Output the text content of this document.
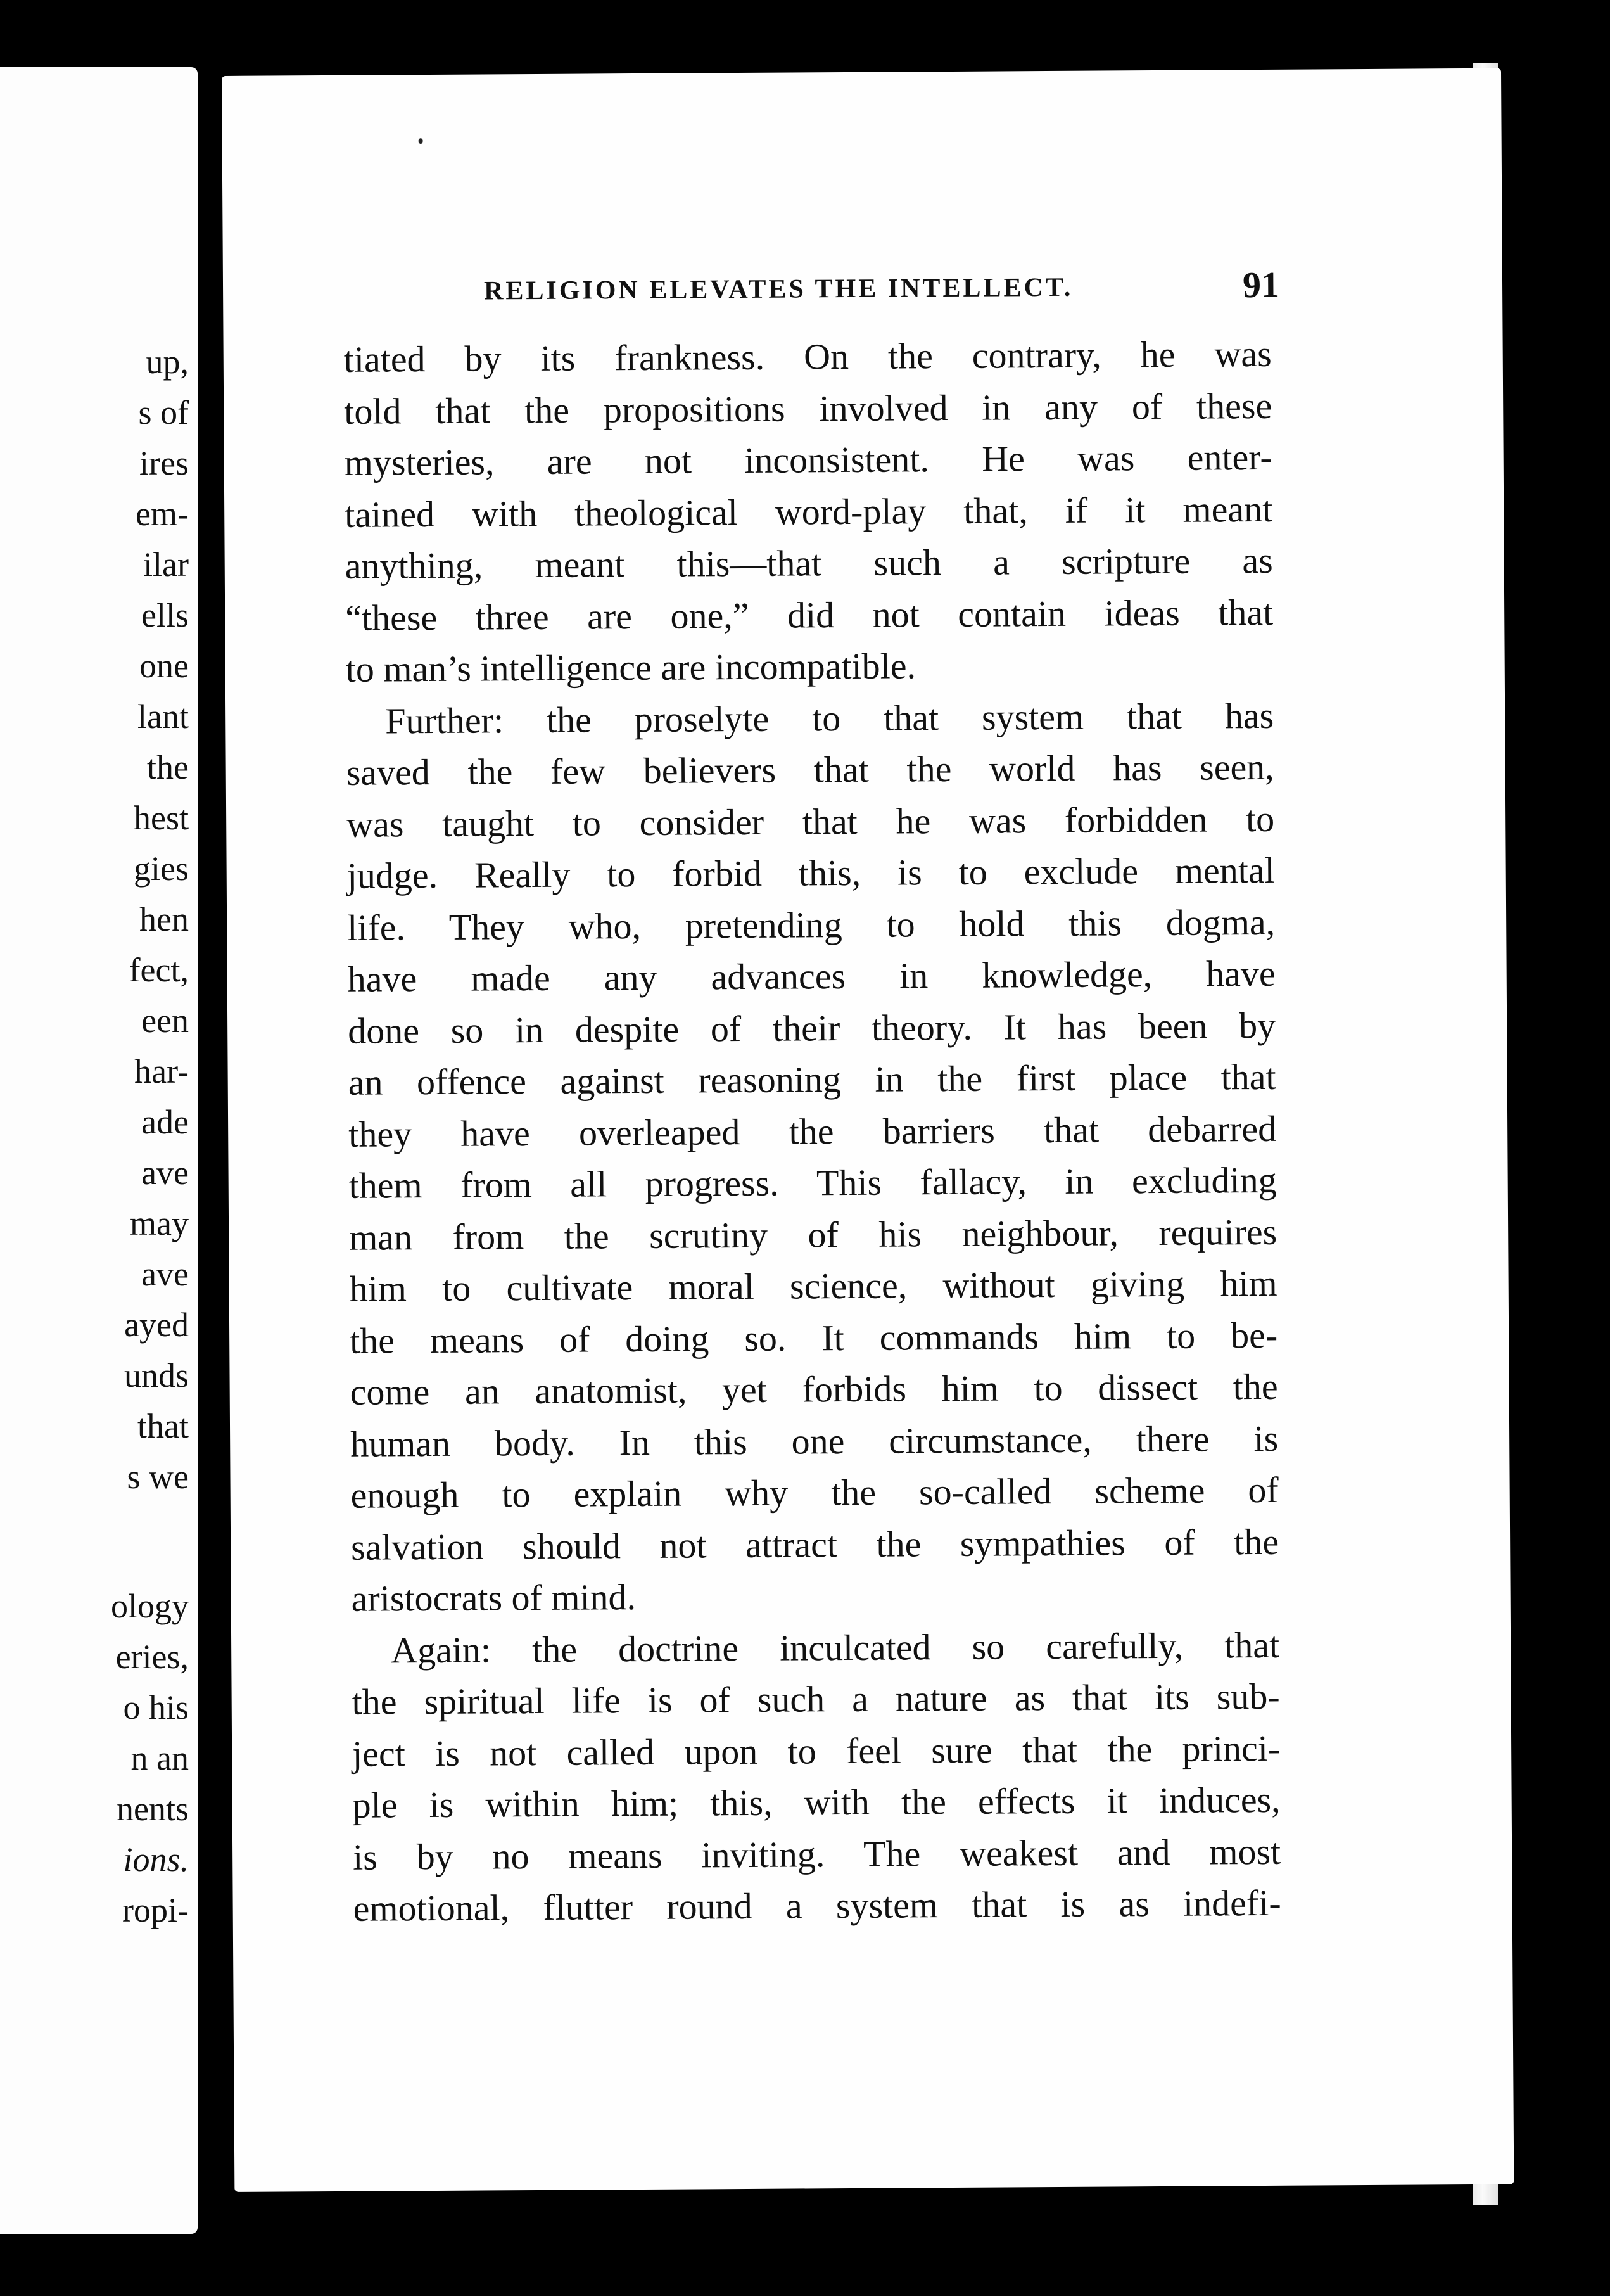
up,
s of
ires
em-
ilar
ells
one
lant
the
hest
gies
hen
fect,
een
har-
ade
ave
may
ave
ayed
unds
that
s we
ology
eries,
o his
n an
nents
ions.
ropi-
RELIGION ELEVATES THE INTELLECT.	91
tiated by its frankness. On the contrary, he was
told that the propositions involved in any of these
mysteries, are not inconsistent. He was enter-
tained with theological word-play that, if it meant
anything, meant this—that such a scripture as
“these three are one,” did not contain ideas that
to man’s intelligence are incompatible.
Further: the proselyte to that system that has
saved the few believers that the world has seen,
was taught to consider that he was forbidden to
judge. Really to forbid this, is to exclude mental
life. They who, pretending to hold this dogma,
have made any advances in knowledge, have
done so in despite of their theory. It has been by
an offence against reasoning in the first place that
they have overleaped the barriers that debarred
them from all progress. This fallacy, in excluding
man from the scrutiny of his neighbour, requires
him to cultivate moral science, without giving him
the means of doing so. It commands him to be-
come an anatomist, yet forbids him to dissect the
human body. In this one circumstance, there is
enough to explain why the so-called scheme of
salvation should not attract the sympathies of the
aristocrats of mind.
Again: the doctrine inculcated so carefully, that
the spiritual life is of such a nature as that its sub-
ject is not called upon to feel sure that the princi-
ple is within him; this, with the effects it induces,
is by no means inviting. The weakest and most
emotional, flutter round a system that is as indefi-
